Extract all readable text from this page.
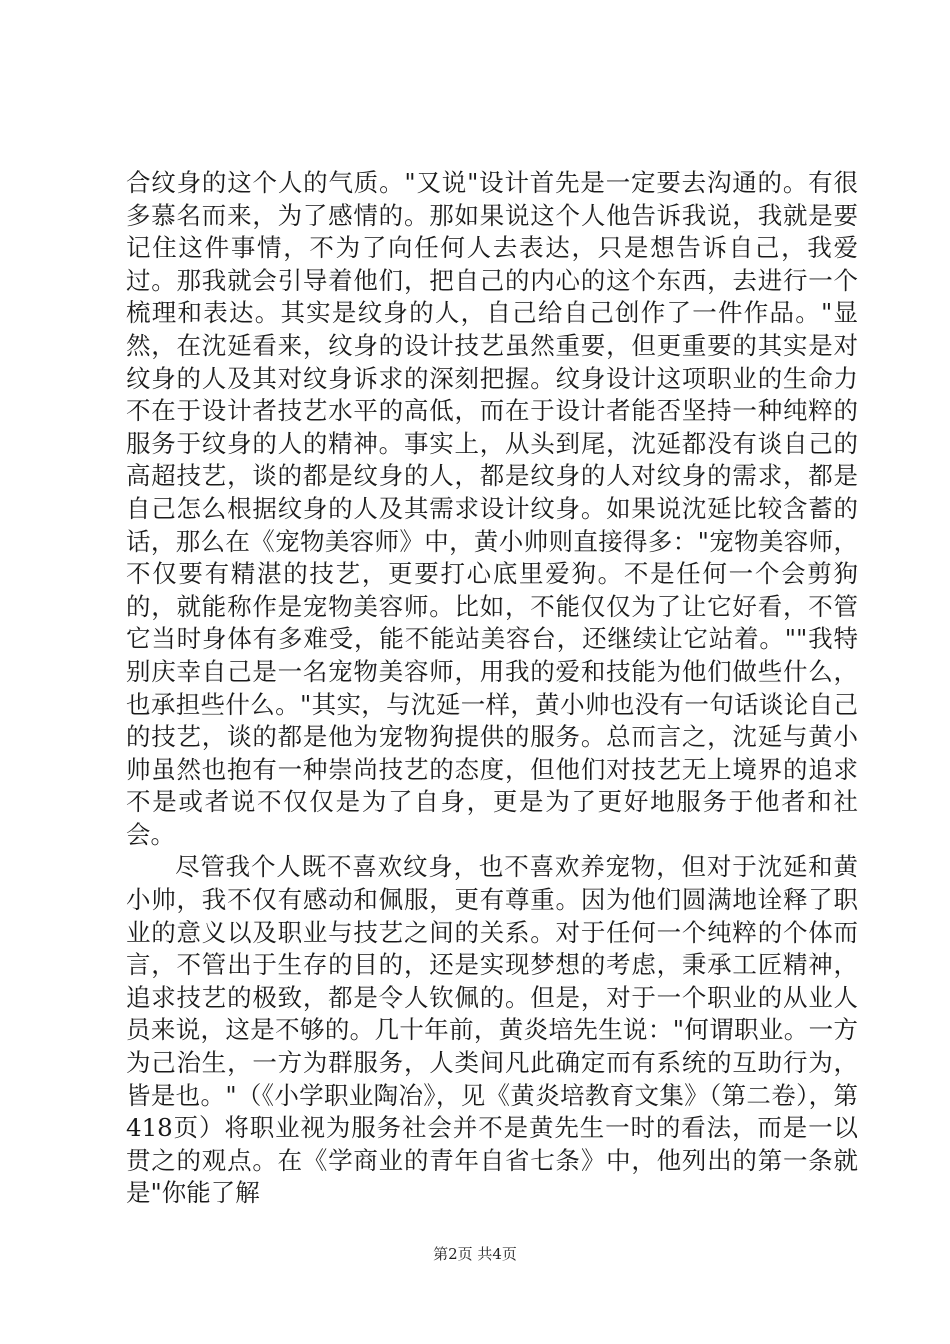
合纹身的这个人的气质。"又说"设计首先是一定要去沟通的。有很多慕名而来，为了感情的。那如果说这个人他告诉我说，我就是要记住这件事情，不为了向任何人去表达，只是想告诉自己，我爱过。那我就会引导着他们，把自己的内心的这个东西，去进行一个梳理和表达。其实是纹身的人，自己给自己创作了一件作品。"显然，在沈延看来，纹身的设计技艺虽然重要，但更重要的其实是对纹身的人及其对纹身诉求的深刻把握。纹身设计这项职业的生命力不在于设计者技艺水平的高低，而在于设计者能否坚持一种纯粹的服务于纹身的人的精神。事实上，从头到尾，沈延都没有谈自己的高超技艺，谈的都是纹身的人，都是纹身的人对纹身的需求，都是自己怎么根据纹身的人及其需求设计纹身。如果说沈延比较含蓄的话，那么在《宠物美容师》中，黄小帅则直接得多："宠物美容师，不仅要有精湛的技艺，更要打心底里爱狗。不是任何一个会剪狗的，就能称作是宠物美容师。比如，不能仅仅为了让它好看，不管它当时身体有多难受，能不能站美容台，还继续让它站着。""我特别庆幸自己是一名宠物美容师，用我的爱和技能为他们做些什么，也承担些什么。"其实，与沈延一样，黄小帅也没有一句话谈论自己的技艺，谈的都是他为宠物狗提供的服务。总而言之，沈延与黄小帅虽然也抱有一种崇尚技艺的态度，但他们对技艺无上境界的追求不是或者说不仅仅是为了自身，更是为了更好地服务于他者和社会。

尽管我个人既不喜欢纹身，也不喜欢养宠物，但对于沈延和黄小帅，我不仅有感动和佩服，更有尊重。因为他们圆满地诠释了职业的意义以及职业与技艺之间的关系。对于任何一个纯粹的个体而言，不管出于生存的目的，还是实现梦想的考虑，秉承工匠精神，追求技艺的极致，都是令人钦佩的。但是，对于一个职业的从业人员来说，这是不够的。几十年前，黄炎培先生说："何谓职业。一方为己治生，一方为群服务，人类间凡此确定而有系统的互助行为，皆是也。"（《小学职业陶冶》，见《黄炎培教育文集》（第二卷），第418页）将职业视为服务社会并不是黄先生一时的看法，而是一以贯之的观点。在《学商业的青年自省七条》中，他列出的第一条就是"你能了解

第2页 共4页
